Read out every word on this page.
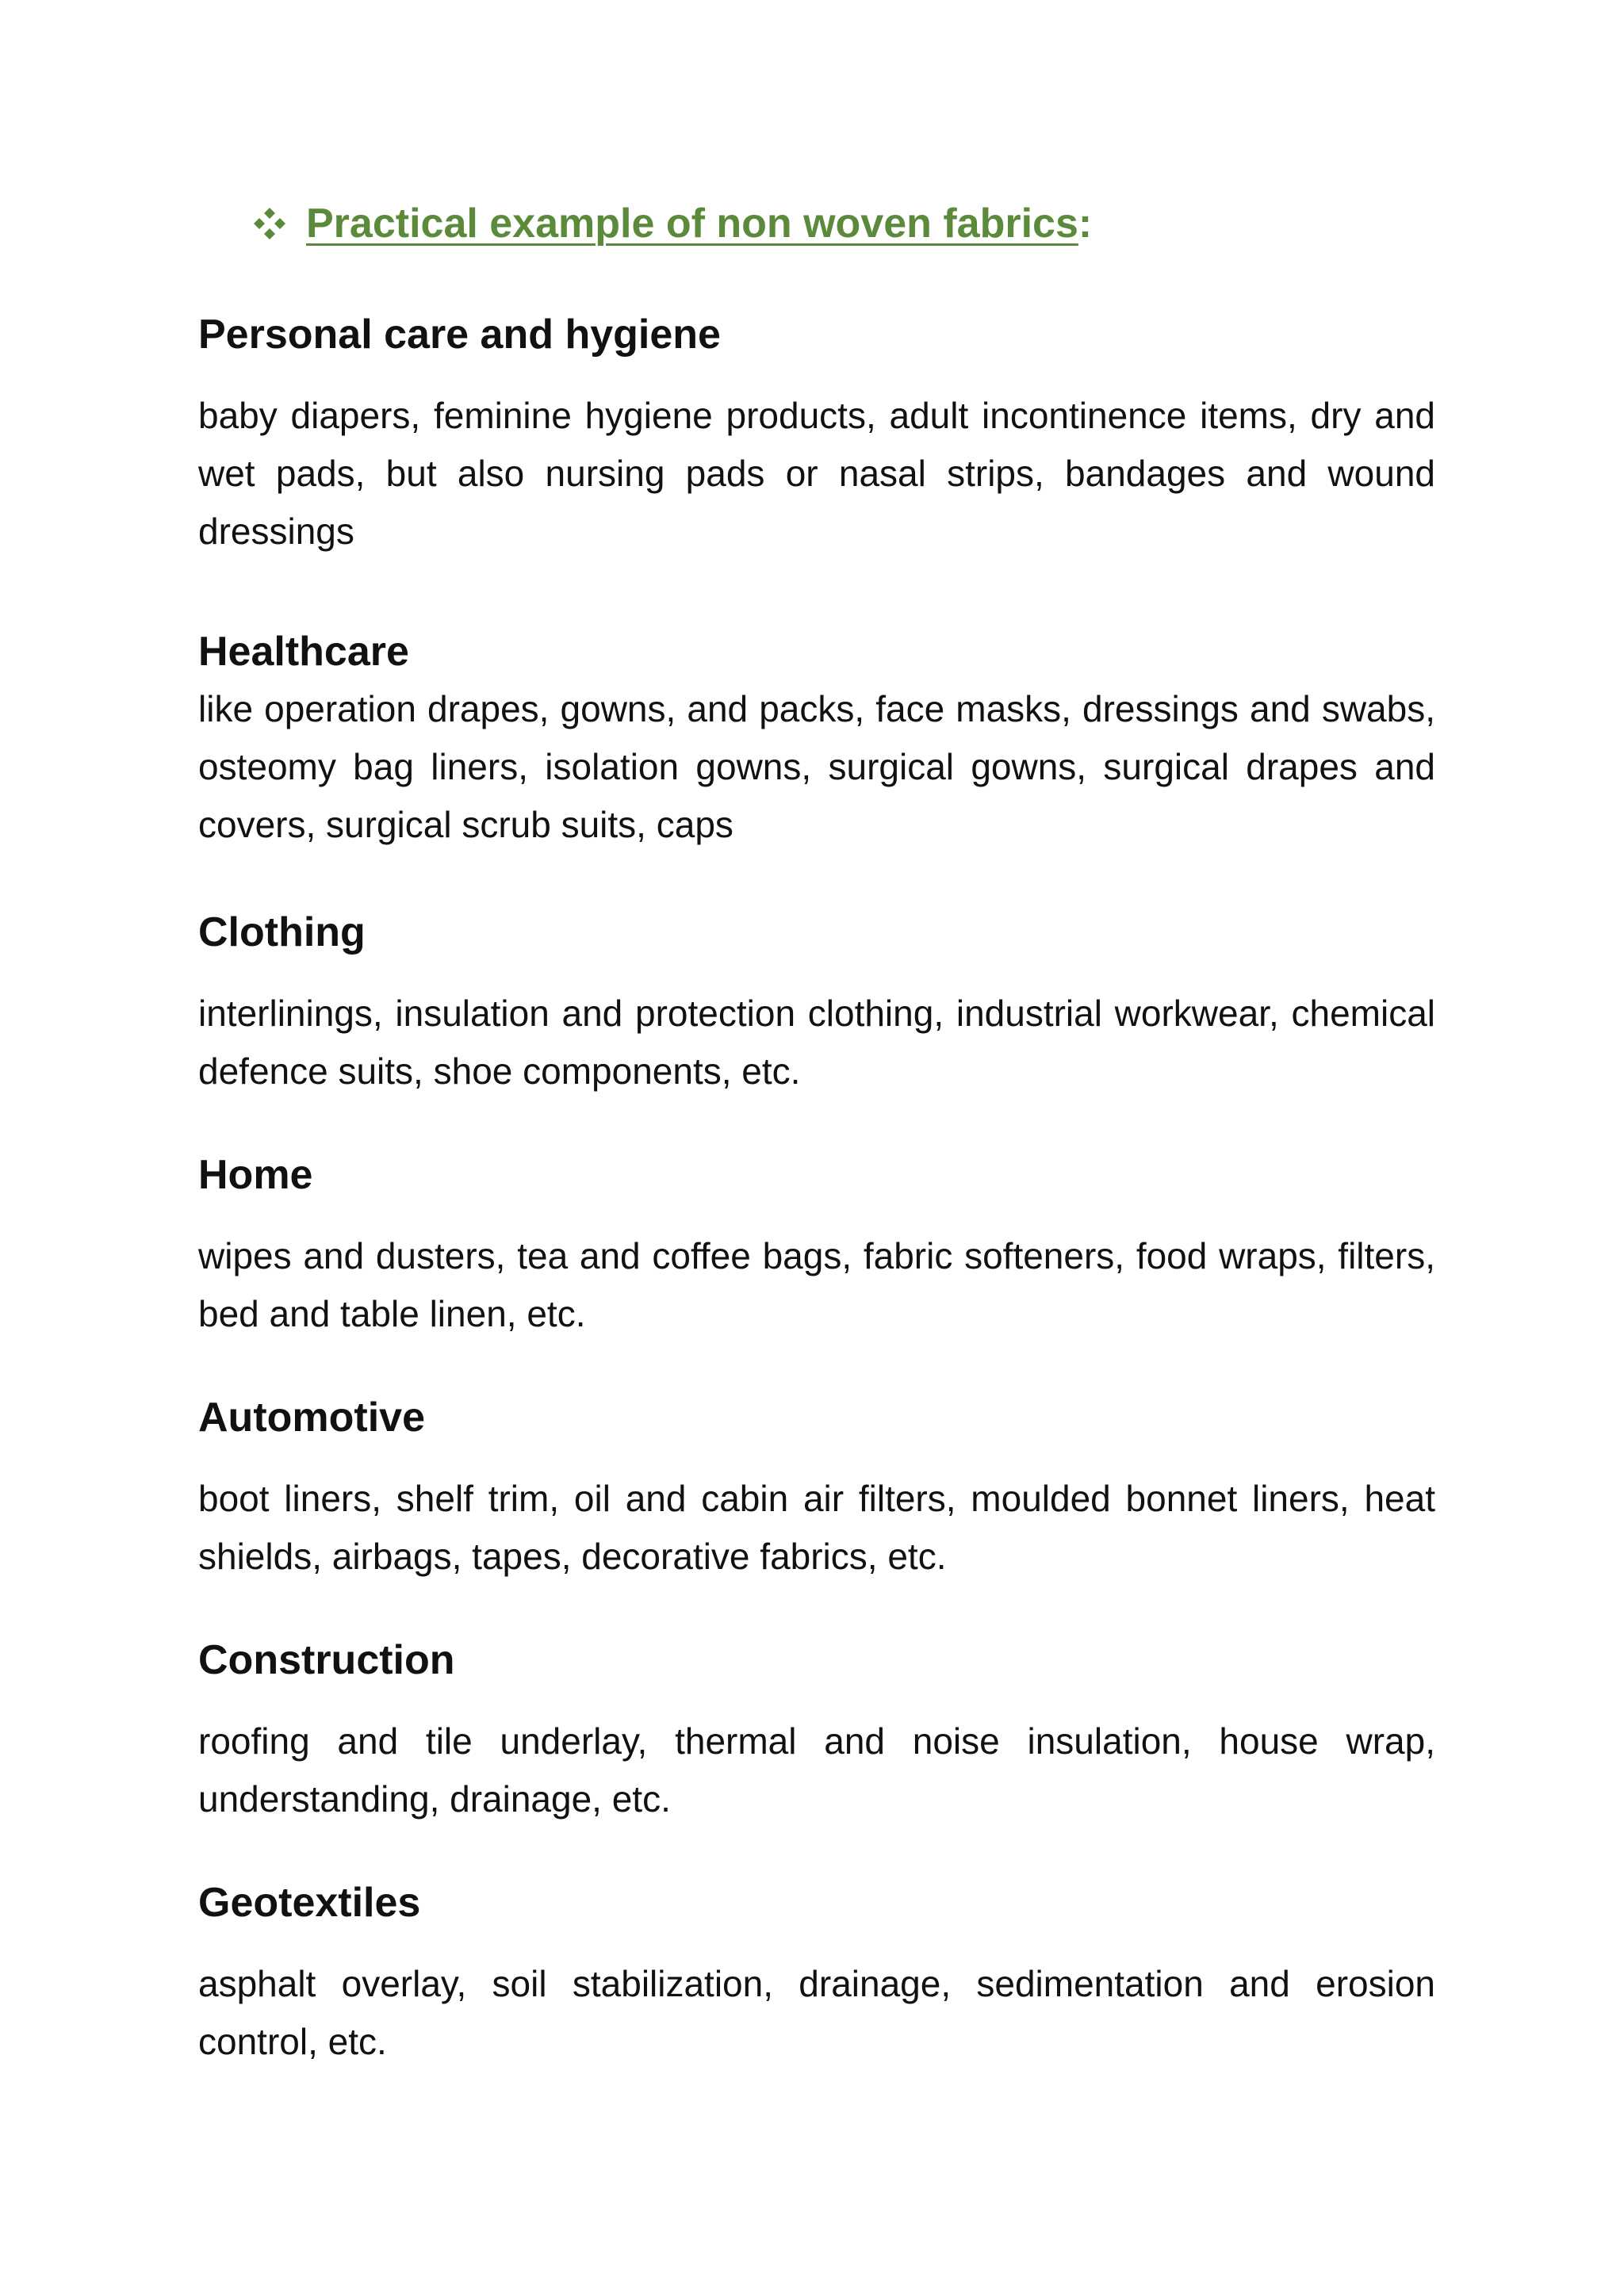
Practical example of non woven fabrics :
Personal care and hygiene

baby diapers, feminine hygiene products, adult incontinence items, dry and wet pads, but also nursing pads or nasal strips, bandages and wound dressings

Healthcare

like operation drapes, gowns, and packs, face masks, dressings and swabs, osteomy bag liners, isolation gowns, surgical gowns, surgical drapes and covers, surgical scrub suits, caps

Clothing

interlinings, insulation and protection clothing, industrial workwear, chemical defence suits, shoe components, etc.

Home

wipes and dusters, tea and coffee bags, fabric softeners, food wraps, filters, bed and table linen, etc.

Automotive

boot liners, shelf trim, oil and cabin air filters, moulded bonnet liners, heat shields, airbags, tapes, decorative fabrics, etc.

Construction

roofing and tile underlay, thermal and noise insulation, house wrap, understanding, drainage, etc.

Geotextiles

asphalt overlay, soil stabilization, drainage, sedimentation and erosion control, etc.
